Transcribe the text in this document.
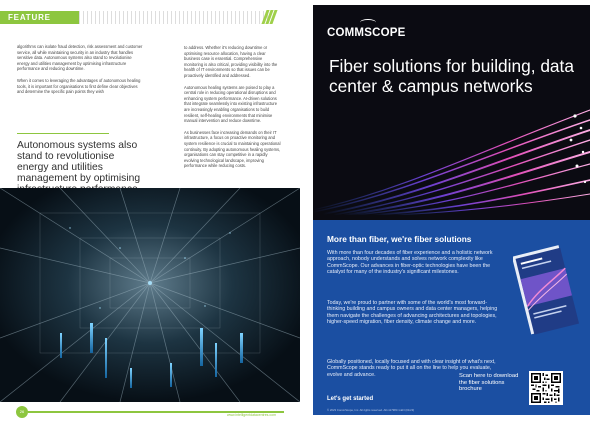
FEATURE

algorithms can isolate fraud detection, risk assessment and customer service, all while maintaining security in an industry that handles sensitive data. Autonomous systems also stand to revolutionise energy and utilities management by optimising infrastructure performance and reducing downtime.

When it comes to leveraging the advantages of autonomous healing tools, it is important for organisations to first define clear objectives and determine the specific pain points they wish

Autonomous systems also stand to revolutionise energy and utilities management by optimising

to address. Whether it's reducing downtime or optimising resource allocation, having a clear business case is essential. Comprehensive monitoring is also critical, providing visibility into the health of IT environments so that issues can be proactively identified and addressed.

Autonomous healing systems are poised to play a central role in reducing operational disruptions and enhancing system performance. AI-driven solutions that integrate seamlessly into existing infrastructure are increasingly enabling organisations to build resilient, self-healing environments that minimise manual intervention and reduce downtime.

As businesses face increasing demands on their IT infrastructure, a focus on proactive monitoring and system resilience is crucial to maintaining operational continuity. By adopting autonomous healing systems, organisations can stay competitive in a rapidly evolving technological landscape, improving performance while reducing costs.

26
www.intelligentdatacentres.com
COMMSCOPE
Fiber solutions for building, data center & campus networks
More than fiber, we're fiber solutions
With more than four decades of fiber experience and a holistic network approach, nobody understands and solves network complexity like CommScope. Our advances in fiber-optic technologies have been the catalyst for many of the industry's significant milestones.
Today, we're proud to partner with some of the world's most forward-thinking building and campus owners and data center managers, helping them navigate the challenges of advancing architectures and topologies, higher-speed migration, fiber density, climate change and more.
Globally positioned, locally focused and with clear insight of what's next, CommScope stands ready to put it all on the line to help you evaluate, evolve and advance.
Let's get started
© 2023 CommScope, Inc. All rights reserved. AD-117983.1-EN (01/23)
Scan here to download the fiber solutions brochure
